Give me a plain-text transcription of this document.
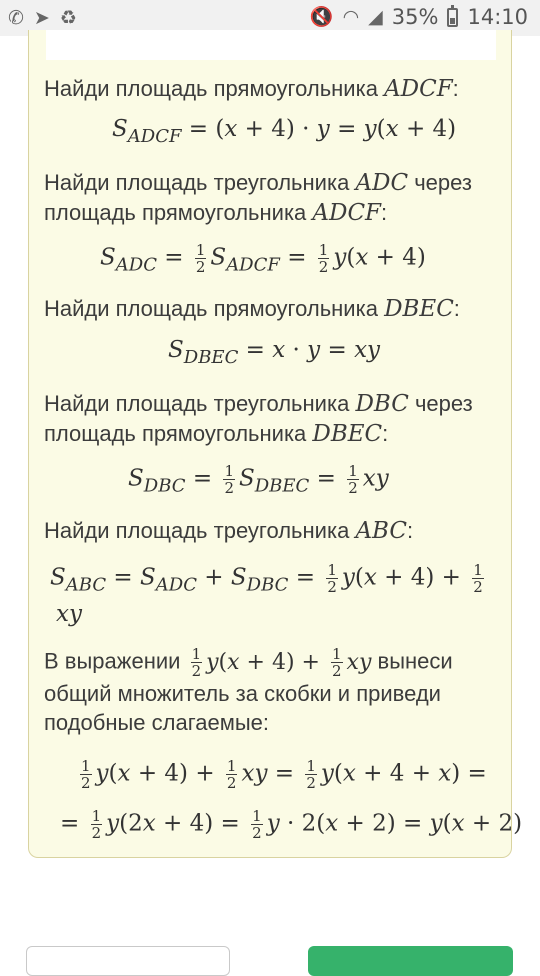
✆ ➤ ♻	🔇 ◠ ◢ 35% 14:10
Найди площадь прямоугольника ADCF:
$S_{ADCF} = (x + 4) \cdot y = y(x + 4)$
Найди площадь треугольника ADC через
площадь прямоугольника ADCF:
$S_{ADC} = \frac{1}{2} S_{ADCF} = \frac{1}{2} y(x + 4)$
Найди площадь прямоугольника DBEC:
$S_{DBEC} = x \cdot y$ = xy
Найди площадь треугольника DBC через
площадь прямоугольника DBEC:
$S_{DBC} = \frac{1}{2} S_{DBEC} = \frac{1}{2}$ xy
Найди площадь треугольника ABC:
$S_{ABC} = S_{ADC} + S_{DBC} = \frac{1}{2} y(x + 4) + \frac{1}{2}$
xy
В выражении $\frac{1}{2} y(x + 4) + \frac{1}{2}$ xy вынеси
общий множитель за скобки и приведи
подобные слагаемые:
$\frac{1}{2} y(x + 4) + \frac{1}{2}$ xy = $\frac{1}{2} y(x + 4 + x)$ =
= $\frac{1}{2} y(2x + 4) = \frac{1}{2}$ y · 2(x + 2) = y(x + 2)
